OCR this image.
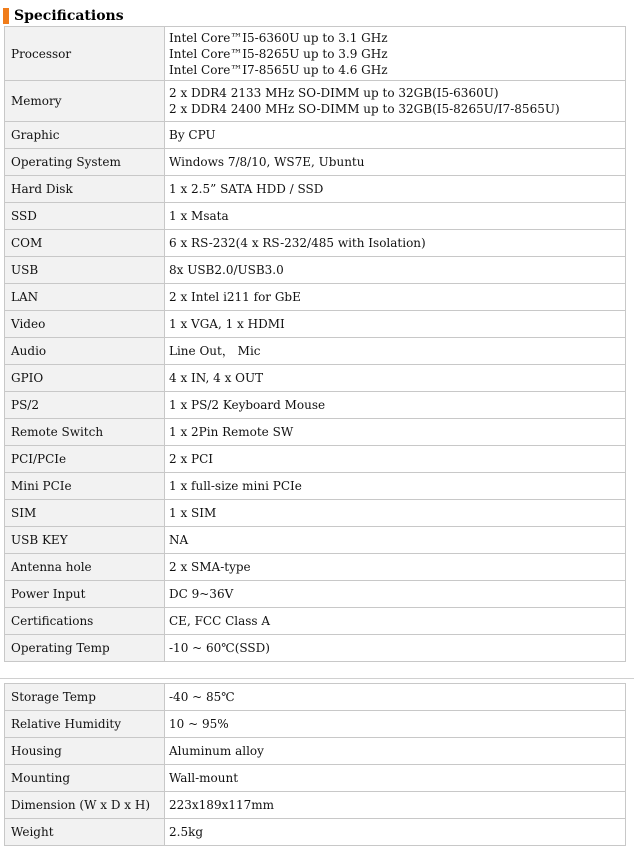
Specifications
Processor	Intel Core™I5-6360U up to 3.1 GHz
Intel Core™I5-8265U up to 3.9 GHz
Intel Core™I7-8565U up to 4.6 GHz

Memory	2 x DDR4 2133 MHz SO-DIMM up to 32GB(I5-6360U)
2 x DDR4 2400 MHz SO-DIMM up to 32GB(I5-8265U/I7-8565U)

Graphic	By CPU

Operating System	Windows 7/8/10, WS7E, Ubuntu

Hard Disk	1 x 2.5” SATA HDD / SSD

SSD	1 x Msata

COM	6 x RS-232(4 x RS-232/485 with Isolation)

USB	8x USB2.0/USB3.0

LAN	2 x Intel i211 for GbE

Video	1 x VGA, 1 x HDMI

Audio	Line Out， Mic

GPIO	4 x IN, 4 x OUT

PS/2	1 x PS/2 Keyboard Mouse

Remote Switch	1 x 2Pin Remote SW

PCI/PCIe	2 x PCI

Mini PCIe	1 x full-size mini PCIe

SIM	1 x SIM

USB KEY	NA

Antenna hole	2 x SMA-type

Power Input	DC 9~36V

Certifications	CE, FCC Class A

Operating Temp	-10 ~ 60℃(SSD)
Storage Temp	-40 ~ 85℃

Relative Humidity	10 ~ 95%

Housing	Aluminum alloy

Mounting	Wall-mount

Dimension (W x D x H)	223x189x117mm

Weight	2.5kg
